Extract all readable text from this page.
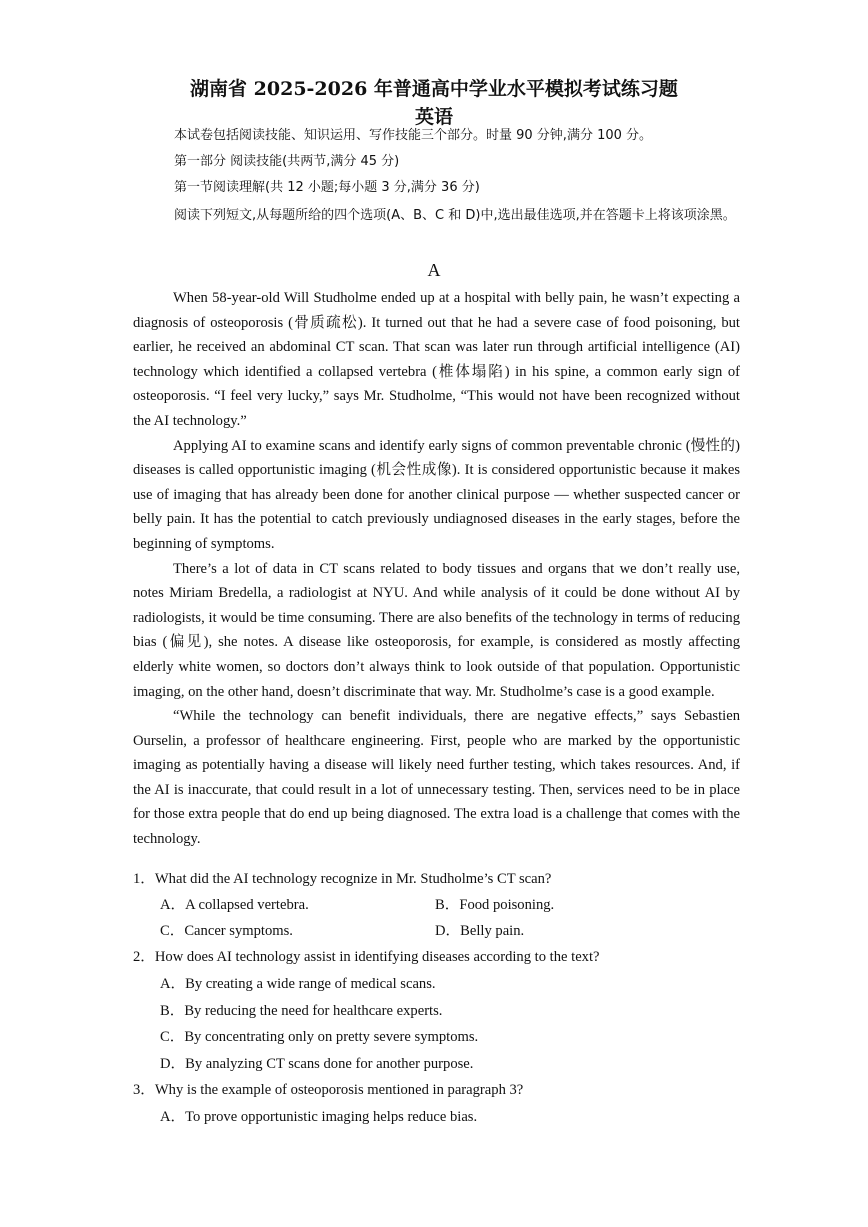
湖南省 2025-2026 年普通高中学业水平模拟考试练习题
英语
本试卷包括阅读技能、知识运用、写作技能三个部分。时量 90 分钟,满分 100 分。
第一部分 阅读技能(共两节,满分 45 分)
第一节阅读理解(共 12 小题;每小题 3 分,满分 36 分)
阅读下列短文,从每题所给的四个选项(A、B、C 和 D)中,选出最佳选项,并在答题卡上将该项涂黑。
A

When 58-year-old Will Studholme ended up at a hospital with belly pain, he wasn’t expecting a diagnosis of osteoporosis (骨质疏松). It turned out that he had a severe case of food poisoning, but earlier, he received an abdominal CT scan. That scan was later run through artificial intelligence (AI) technology which identified a collapsed vertebra (椎体塌陷) in his spine, a common early sign of osteoporosis. “I feel very lucky,” says Mr. Studholme, “This would not have been recognized without the AI technology.”

Applying AI to examine scans and identify early signs of common preventable chronic (慢性的) diseases is called opportunistic imaging (机会性成像). It is considered opportunistic because it makes use of imaging that has already been done for another clinical purpose — whether suspected cancer or belly pain. It has the potential to catch previously undiagnosed diseases in the early stages, before the beginning of symptoms.

There’s a lot of data in CT scans related to body tissues and organs that we don’t really use, notes Miriam Bredella, a radiologist at NYU. And while analysis of it could be done without AI by radiologists, it would be time consuming. There are also benefits of the technology in terms of reducing bias (偏见), she notes. A disease like osteoporosis, for example, is considered as mostly affecting elderly white women, so doctors don’t always think to look outside of that population. Opportunistic imaging, on the other hand, doesn’t discriminate that way. Mr. Studholme’s case is a good example.

“While the technology can benefit individuals, there are negative effects,” says Sebastien Ourselin, a professor of healthcare engineering. First, people who are marked by the opportunistic imaging as potentially having a disease will likely need further testing, which takes resources. And, if the AI is inaccurate, that could result in a lot of unnecessary testing. Then, services need to be in place for those extra people that do end up being diagnosed. The extra load is a challenge that comes with the technology.

1．What did the AI technology recognize in Mr. Studholme’s CT scan?
A．A collapsed vertebra.	B．Food poisoning.
C．Cancer symptoms.	D．Belly pain.
2．How does AI technology assist in identifying diseases according to the text?
A．By creating a wide range of medical scans.
B．By reducing the need for healthcare experts.
C．By concentrating only on pretty severe symptoms.
D．By analyzing CT scans done for another purpose.
3．Why is the example of osteoporosis mentioned in paragraph 3?
A．To prove opportunistic imaging helps reduce bias.
